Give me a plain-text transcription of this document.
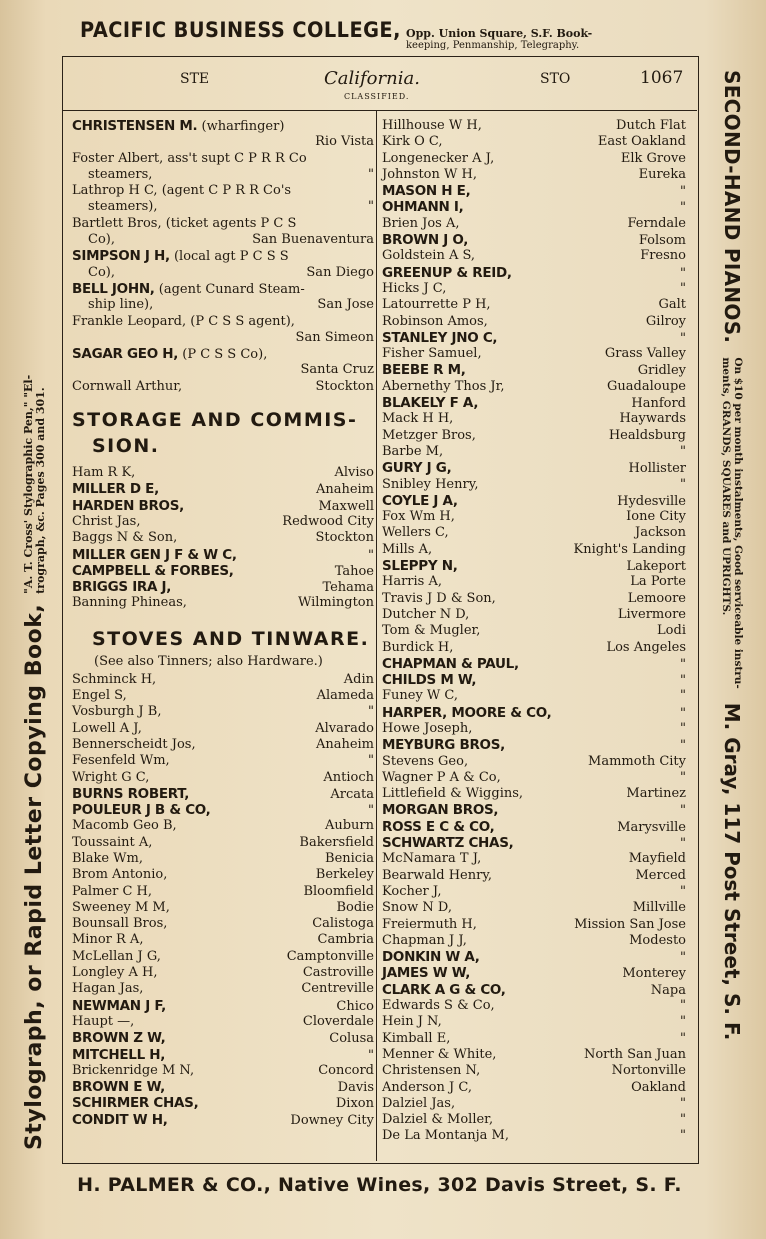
PACIFIC BUSINESS COLLEGE, Opp. Union Square, S.F. Book-
keeping, Penmanship, Telegraphy.
Stylograph, or Rapid Letter Copying Book,
"A. T. Cross' Stylographic Pen," "El- trograph, &c. Pages 300 and 301.
SECOND-HAND PIANOS.
On $10 per month instalments, Good serviceable instru-
ments, GRANDS, SQUARES and UPRIGHTS.
M. Gray, 117 Post Street, S. F.
STE	California.
CLASSIFIED.
STO	1067
CHRISTENSEN M. (wharfinger)
Rio Vista
Foster Albert, ass't supt C P R R Co
steamers,	"
Lathrop H C, (agent C P R R Co's
steamers),	"
Bartlett Bros, (ticket agents P C S
Co),	San Buenaventura
SIMPSON J H, (local agt P C S S
Co),	San Diego
BELL JOHN, (agent Cunard Steam-
ship line),	San Jose
Frankle Leopard, (P C S S agent),
San Simeon
SAGAR GEO H, (P C S S Co),
Santa Cruz
Cornwall Arthur,	Stockton
STORAGE AND COMMIS-
SION.
Ham R K,	Alviso
MILLER D E,	Anaheim
HARDEN BROS,	Maxwell
Christ Jas,	Redwood City
Baggs N & Son,	Stockton
MILLER GEN J F & W C,	"
CAMPBELL & FORBES,	Tahoe
BRIGGS IRA J,	Tehama
Banning Phineas,	Wilmington
STOVES AND TINWARE.
(See also Tinners; also Hardware.)
Schminck H,	Adin
Engel S,	Alameda
Vosburgh J B,	"
Lowell A J,	Alvarado
Bennerscheidt Jos,	Anaheim
Fesenfeld Wm,	"
Wright G C,	Antioch
BURNS ROBERT,	Arcata
POULEUR J B & CO,	"
Macomb Geo B,	Auburn
Toussaint A,	Bakersfield
Blake Wm,	Benicia
Brom Antonio,	Berkeley
Palmer C H,	Bloomfield
Sweeney M M,	Bodie
Bounsall Bros,	Calistoga
Minor R A,	Cambria
McLellan J G,	Camptonville
Longley A H,	Castroville
Hagan Jas,	Centreville
NEWMAN J F,	Chico
Haupt —,	Cloverdale
BROWN Z W,	Colusa
MITCHELL H,	"
Brickenridge M N,	Concord
BROWN E W,	Davis
SCHIRMER CHAS,	Dixon
CONDIT W H,	Downey City
Hillhouse W H,	Dutch Flat
Kirk O C,	East Oakland
Longenecker A J,	Elk Grove
Johnston W H,	Eureka
MASON H E,	"
OHMANN I,	"
Brien Jos A,	Ferndale
BROWN J O,	Folsom
Goldstein A S,	Fresno
GREENUP & REID,	"
Hicks J C,	"
Latourrette P H,	Galt
Robinson Amos,	Gilroy
STANLEY JNO C,	"
Fisher Samuel,	Grass Valley
BEEBE R M,	Gridley
Abernethy Thos Jr,	Guadaloupe
BLAKELY F A,	Hanford
Mack H H,	Haywards
Metzger Bros,	Healdsburg
Barbe M,	"
GURY J G,	Hollister
Snibley Henry,	"
COYLE J A,	Hydesville
Fox Wm H,	Ione City
Wellers C,	Jackson
Mills A,	Knight's Landing
SLEPPY N,	Lakeport
Harris A,	La Porte
Travis J D & Son,	Lemoore
Dutcher N D,	Livermore
Tom & Mugler,	Lodi
Burdick H,	Los Angeles
CHAPMAN & PAUL,	"
CHILDS M W,	"
Funey W C,	"
HARPER, MOORE & CO,	"
Howe Joseph,	"
MEYBURG BROS,	"
Stevens Geo,	Mammoth City
Wagner P A & Co,	"
Littlefield & Wiggins,	Martinez
MORGAN BROS,	"
ROSS E C & CO,	Marysville
SCHWARTZ CHAS,	"
McNamara T J,	Mayfield
Bearwald Henry,	Merced
Kocher J,	"
Snow N D,	Millville
Freiermuth H,	Mission San Jose
Chapman J J,	Modesto
DONKIN W A,	"
JAMES W W,	Monterey
CLARK A G & CO,	Napa
Edwards S & Co,	"
Hein J N,	"
Kimball E,	"
Menner & White,	North San Juan
Christensen N,	Nortonville
Anderson J C,	Oakland
Dalziel Jas,	"
Dalziel & Moller,	"
De La Montanja M,	"
H. PALMER & CO., Native Wines, 302 Davis Street, S. F.
